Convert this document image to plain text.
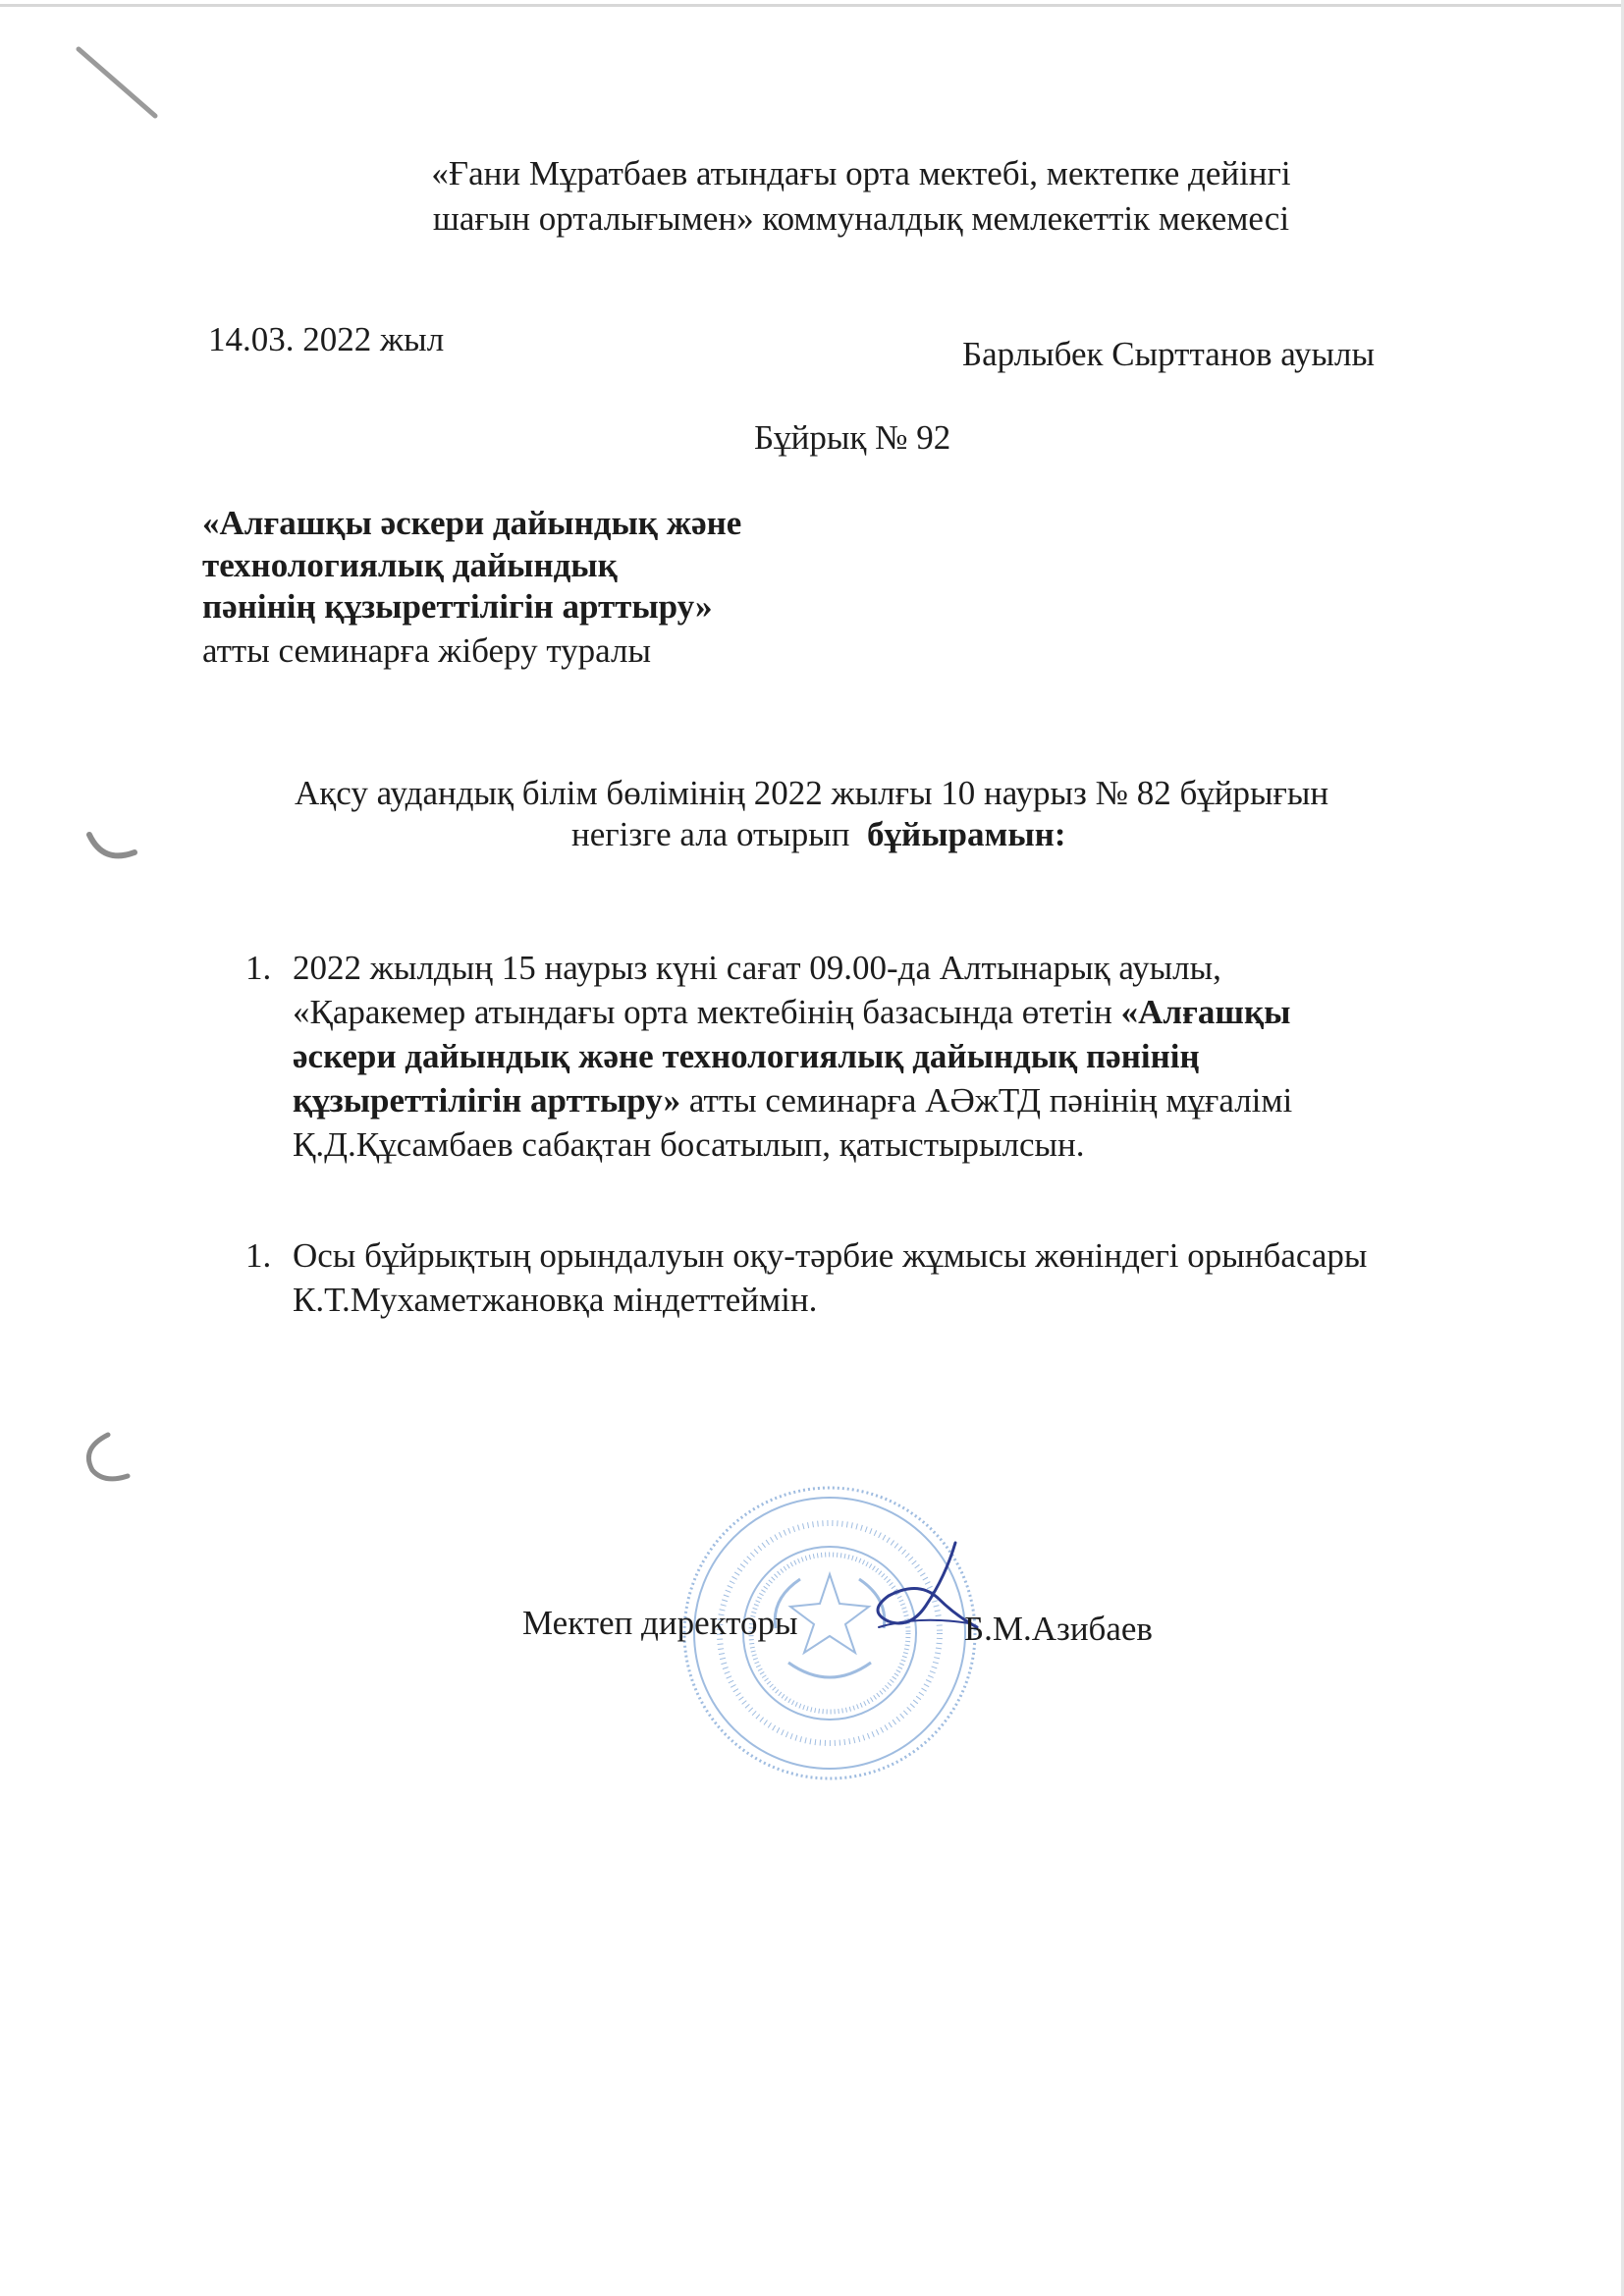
«Ғани Мұратбаев атындағы орта мектебі, мектепке дейінгі
шағын орталығымен» коммуналдық мемлекеттік мекемесі
14.03. 2022 жыл	Барлыбек Сырттанов ауылы
Бұйрық № 92
«Алғашқы әскери дайындық және
технологиялық дайындық
пәнінің құзыреттілігін арттыру»
атты семинарға жіберу туралы
Ақсу аудандық білім бөлімінің 2022 жылғы 10 наурыз № 82 бұйрығын
негізге ала отырып бұйырамын:
1. 2022 жылдың 15 наурыз күні сағат 09.00-да Алтынарық ауылы,

«Қаракемер атындағы орта мектебінің базасында өтетін «Алғашқы

әскери дайындық және технологиялық дайындық пәнінің

құзыреттілігін арттыру» атты семинарға АӘжТД пәнінің мұғалімі

Қ.Д.Құсамбаев сабақтан босатылып, қатыстырылсын.

1. Осы бұйрықтың орындалуын оқу-тәрбие жұмысы жөніндегі орынбасары

К.Т.Мухаметжановқа міндеттеймін.

Мектеп директоры	Б.М.Азибаев
